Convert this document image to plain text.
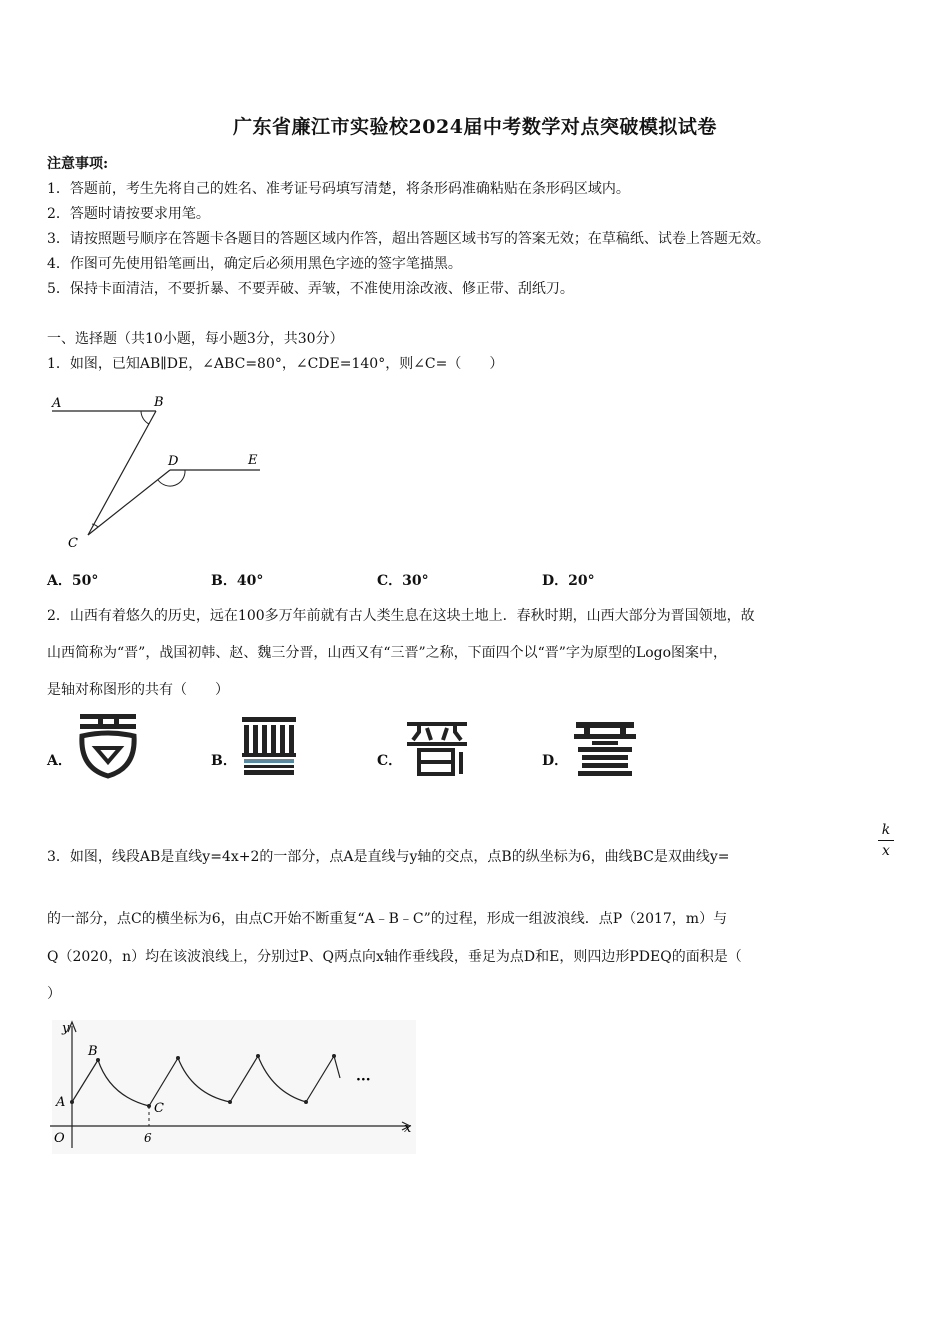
广东省廉江市实验校2024届中考数学对点突破模拟试卷
注意事项:
1．答题前，考生先将自己的姓名、准考证号码填写清楚，将条形码准确粘贴在条形码区域内。
2．答题时请按要求用笔。
3．请按照题号顺序在答题卡各题目的答题区域内作答，超出答题区域书写的答案无效；在草稿纸、试卷上答题无效。
4．作图可先使用铅笔画出，确定后必须用黑色字迹的签字笔描黑。
5．保持卡面清洁，不要折暴、不要弄破、弄皱，不准使用涂改液、修正带、刮纸刀。
一、选择题（共10小题，每小题3分，共30分）
1．如图，已知AB∥DE，∠ABC=80°，∠CDE=140°，则∠C=（　　）
A	B
D	E
C
A．50°	B．40°	C．30°	D．20°
2．山西有着悠久的历史，远在100多万年前就有古人类生息在这块土地上．春秋时期，山西大部分为晋国领地，故
山西简称为“晋”，战国初韩、赵、魏三分晋，山西又有“三晋”之称，下面四个以“晋”字为原型的Logo图案中，
是轴对称图形的共有（　　）
A．	B．	C．	D．
3．如图，线段AB是直线y=4x+2的一部分，点A是直线与y轴的交点，点B的纵坐标为6，曲线BC是双曲线y=
k
x
的一部分，点C的横坐标为6，由点C开始不断重复“A﹣B﹣C”的过程，形成一组波浪线．点P（2017，m）与
Q（2020，n）均在该波浪线上，分别过P、Q两点向x轴作垂线段，垂足为点D和E，则四边形PDEQ的面积是（
）
y
x
O
A
B
C
6
···
